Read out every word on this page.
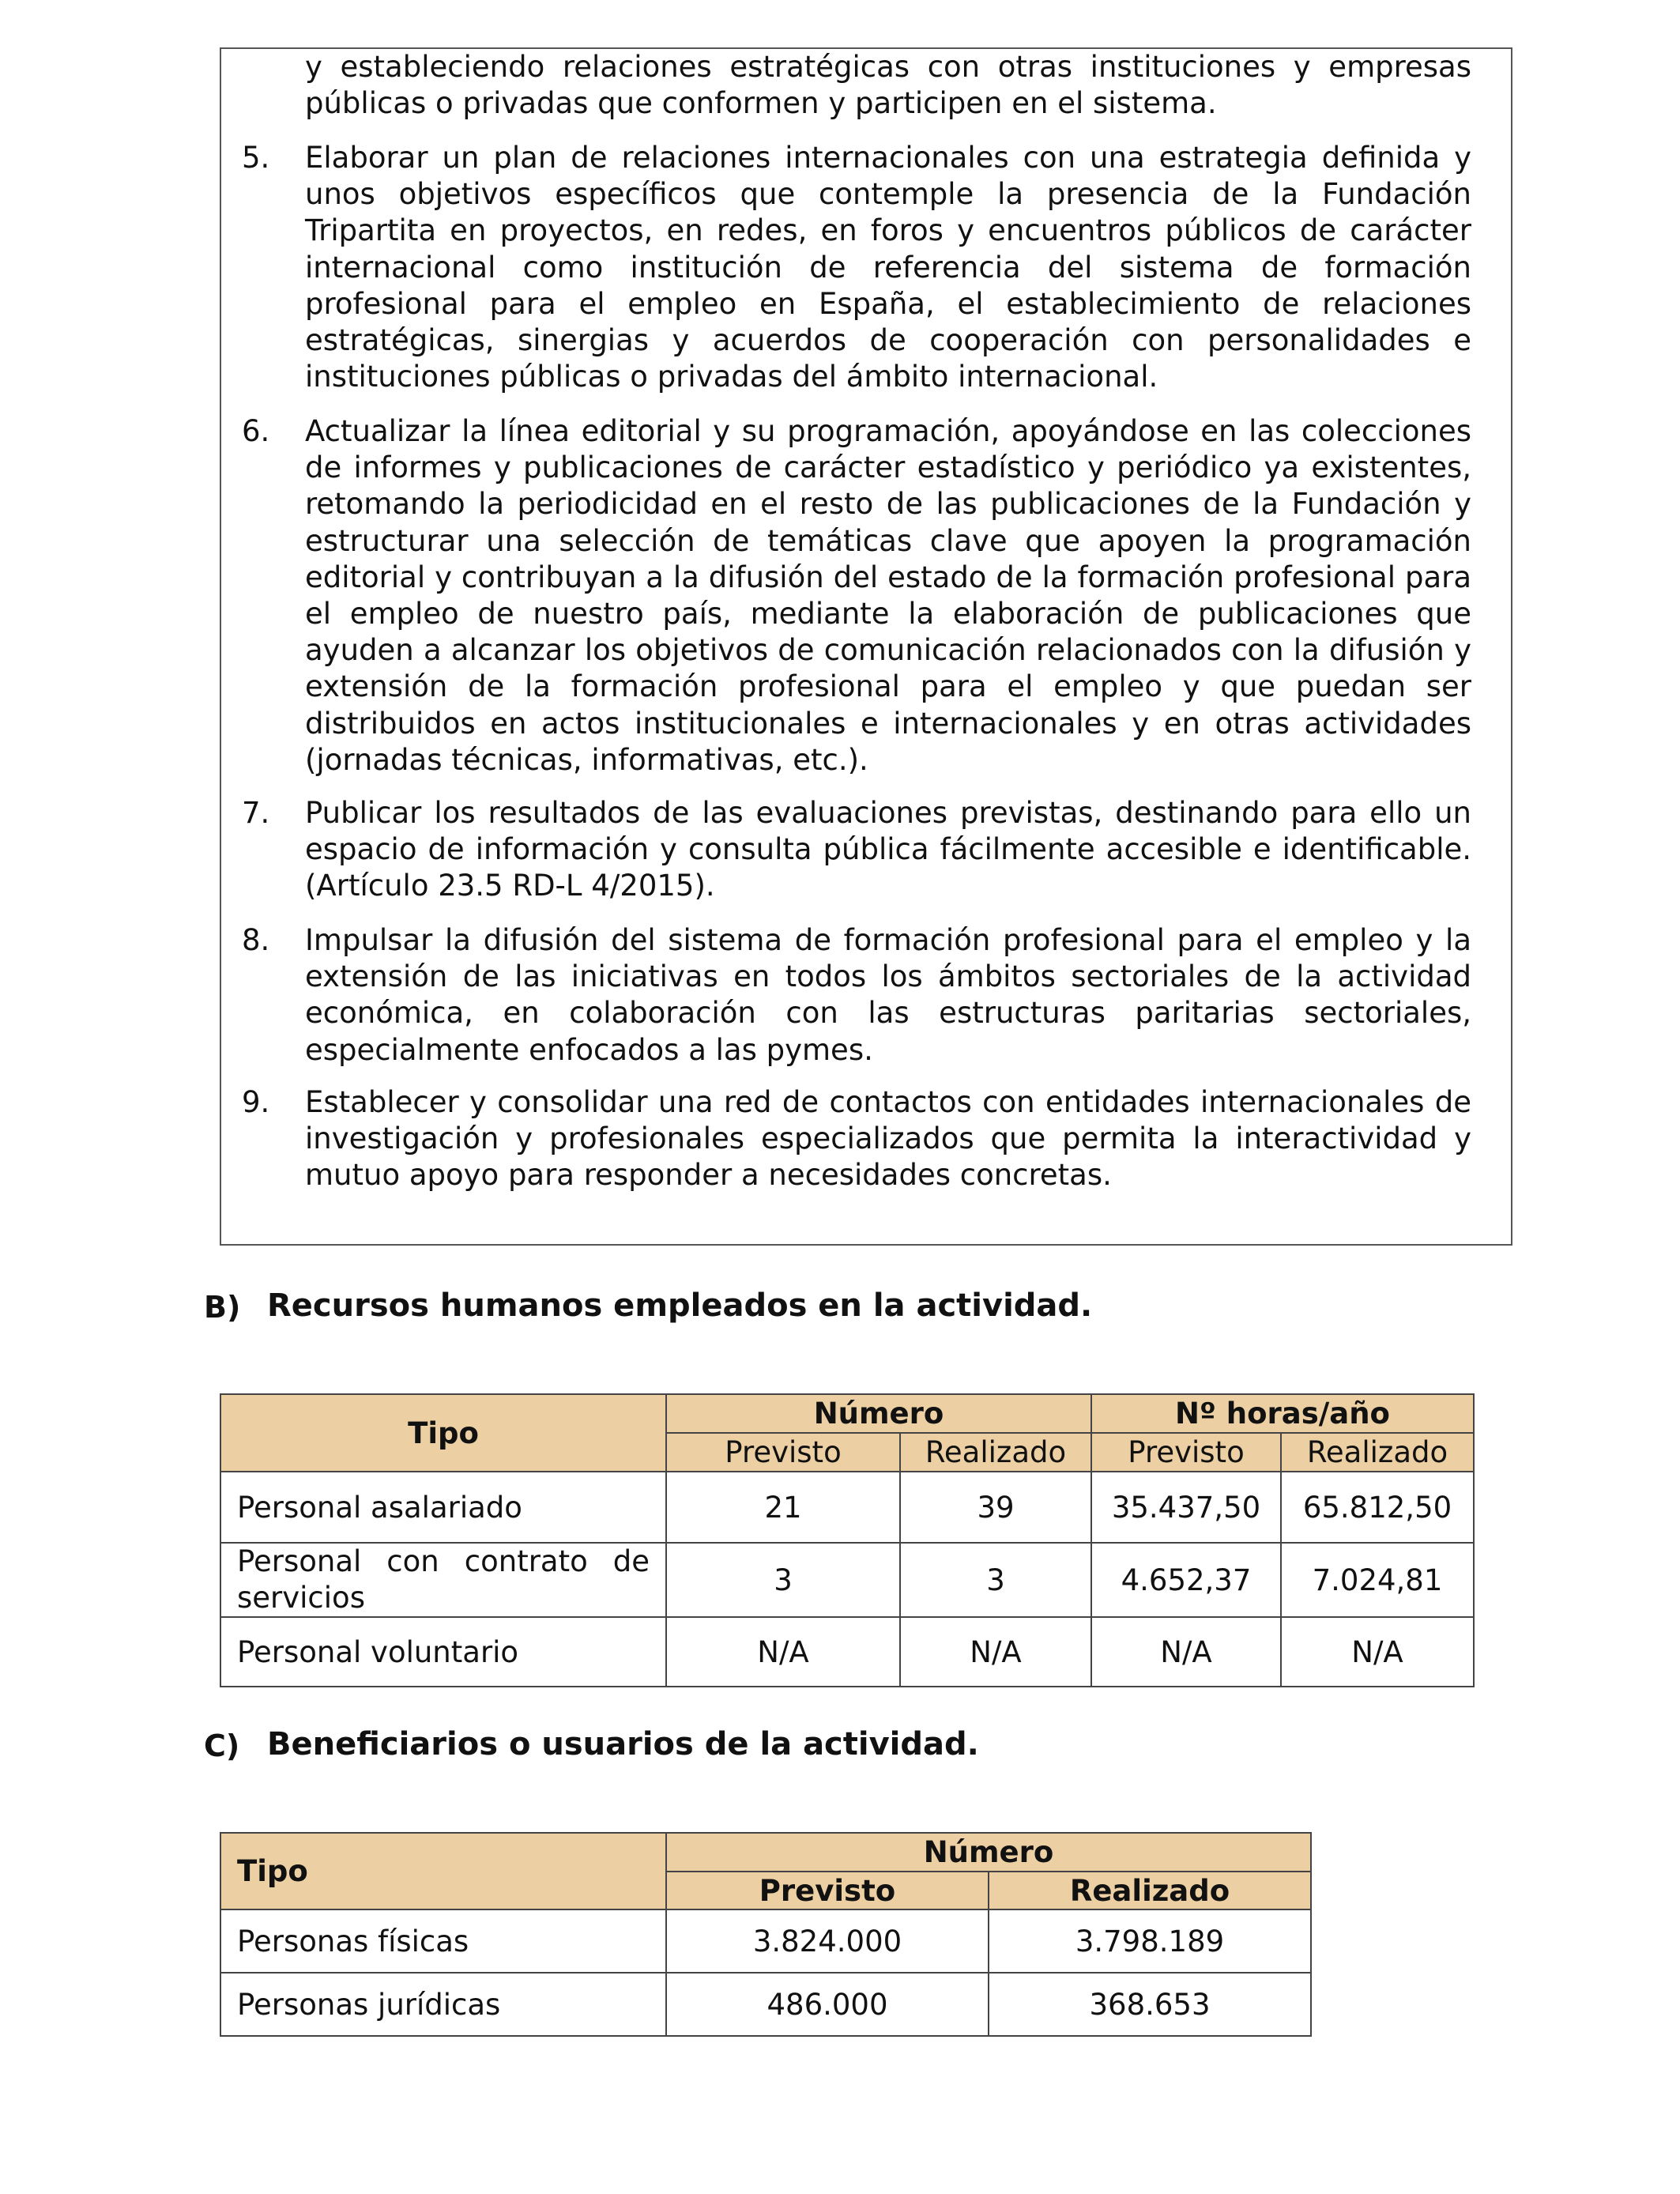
y estableciendo relaciones estratégicas con otras instituciones y empresas públicas o privadas que conformen y participen en el sistema.
5. Elaborar un plan de relaciones internacionales con una estrategia definida y unos objetivos específicos que contemple la presencia de la Fundación Tripartita en proyectos, en redes, en foros y encuentros públicos de carácter internacional como institución de referencia del sistema de formación profesional para el empleo en España, el establecimiento de relaciones estratégicas, sinergias y acuerdos de cooperación con personalidades e instituciones públicas o privadas del ámbito internacional.
6. Actualizar la línea editorial y su programación, apoyándose en las colecciones de informes y publicaciones de carácter estadístico y periódico ya existentes, retomando la periodicidad en el resto de las publicaciones de la Fundación y estructurar una selección de temáticas clave que apoyen la programación editorial y contribuyan a la difusión del estado de la formación profesional para el empleo de nuestro país, mediante la elaboración de publicaciones que ayuden a alcanzar los objetivos de comunicación relacionados con la difusión y extensión de la formación profesional para el empleo y que puedan ser distribuidos en actos institucionales e internacionales y en otras actividades (jornadas técnicas, informativas, etc.).
7. Publicar los resultados de las evaluaciones previstas, destinando para ello un espacio de información y consulta pública fácilmente accesible e identificable. (Artículo 23.5 RD-L 4/2015).
8. Impulsar la difusión del sistema de formación profesional para el empleo y la extensión de las iniciativas en todos los ámbitos sectoriales de la actividad económica, en colaboración con las estructuras paritarias sectoriales, especialmente enfocados a las pymes.
9. Establecer y consolidar una red de contactos con entidades internacionales de investigación y profesionales especializados que permita la interactividad y mutuo apoyo para responder a necesidades concretas.
B) Recursos humanos empleados en la actividad.
Tipo	Número		Nº horas/año	
	Previsto	Realizado	Previsto	Realizado
Personal asalariado	21	39	35.437,50	65.812,50
Personal con contrato de servicios	3	3	4.652,37	7.024,81
Personal voluntario	N/A	N/A	N/A	N/A
C) Beneficiarios o usuarios de la actividad.
Tipo	Número	
	Previsto	Realizado
Personas físicas	3.824.000	3.798.189
Personas jurídicas	486.000	368.653
